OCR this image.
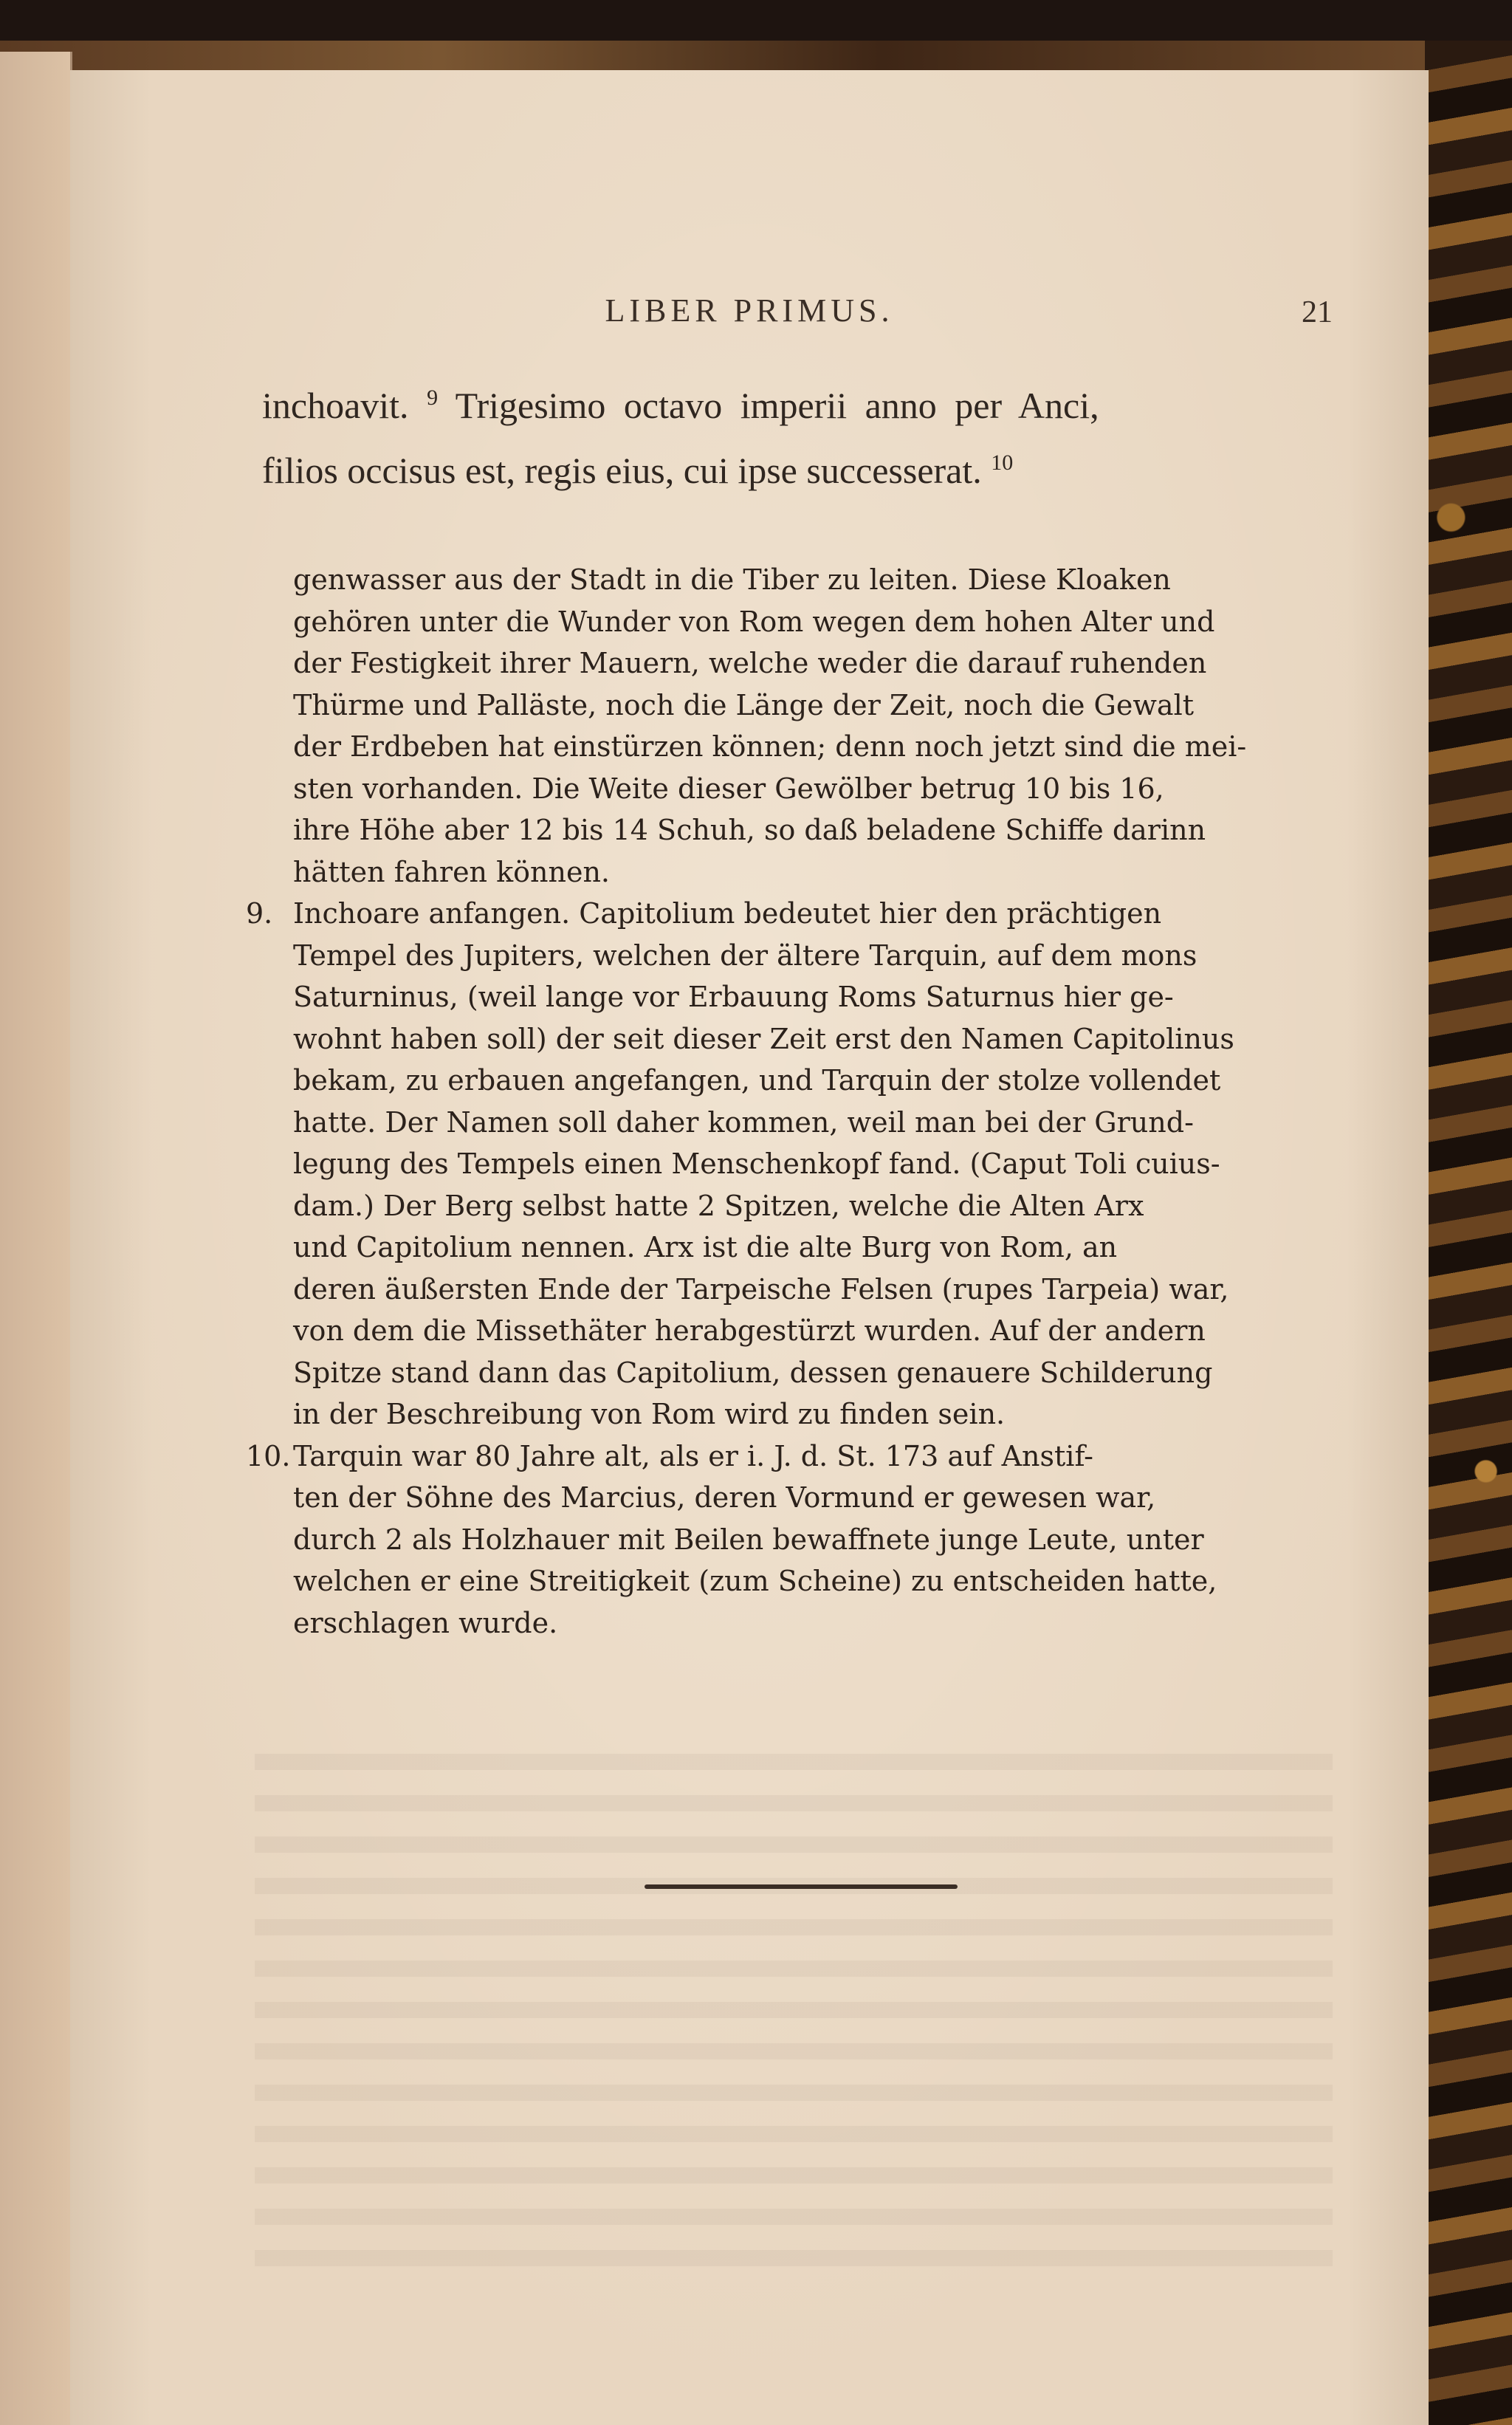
LIBER PRIMUS.	21
inchoavit. $^9$ Trigesimo octavo imperii anno per Anci,
filios occisus est, regis eius, cui ipse successerat. $^{10}$
genwasser aus der Stadt in die Tiber zu leiten. Diese Kloaken
gehören unter die Wunder von Rom wegen dem hohen Alter und
der Festigkeit ihrer Mauern, welche weder die darauf ruhenden
Thürme und Palläste, noch die Länge der Zeit, noch die Gewalt
der Erdbeben hat einstürzen können; denn noch jetzt sind die mei-
sten vorhanden. Die Weite dieser Gewölber betrug 10 bis 16,
ihre Höhe aber 12 bis 14 Schuh, so daß beladene Schiffe darinn
hätten fahren können.
9. Inchoare anfangen. Capitolium bedeutet hier den prächtigen
Tempel des Jupiters, welchen der ältere Tarquin, auf dem mons
Saturninus, (weil lange vor Erbauung Roms Saturnus hier ge-
wohnt haben soll) der seit dieser Zeit erst den Namen Capitolinus
bekam, zu erbauen angefangen, und Tarquin der stolze vollendet
hatte. Der Namen soll daher kommen, weil man bei der Grund-
legung des Tempels einen Menschenkopf fand. (Caput Toli cuius-
dam.) Der Berg selbst hatte 2 Spitzen, welche die Alten Arx
und Capitolium nennen. Arx ist die alte Burg von Rom, an
deren äußersten Ende der Tarpeische Felsen (rupes Tarpeia) war,
von dem die Missethäter herabgestürzt wurden. Auf der andern
Spitze stand dann das Capitolium, dessen genauere Schilderung
in der Beschreibung von Rom wird zu finden sein.
10. Tarquin war 80 Jahre alt, als er i. J. d. St. 173 auf Anstif-
ten der Söhne des Marcius, deren Vormund er gewesen war,
durch 2 als Holzhauer mit Beilen bewaffnete junge Leute, unter
welchen er eine Streitigkeit (zum Scheine) zu entscheiden hatte,
erschlagen wurde.
